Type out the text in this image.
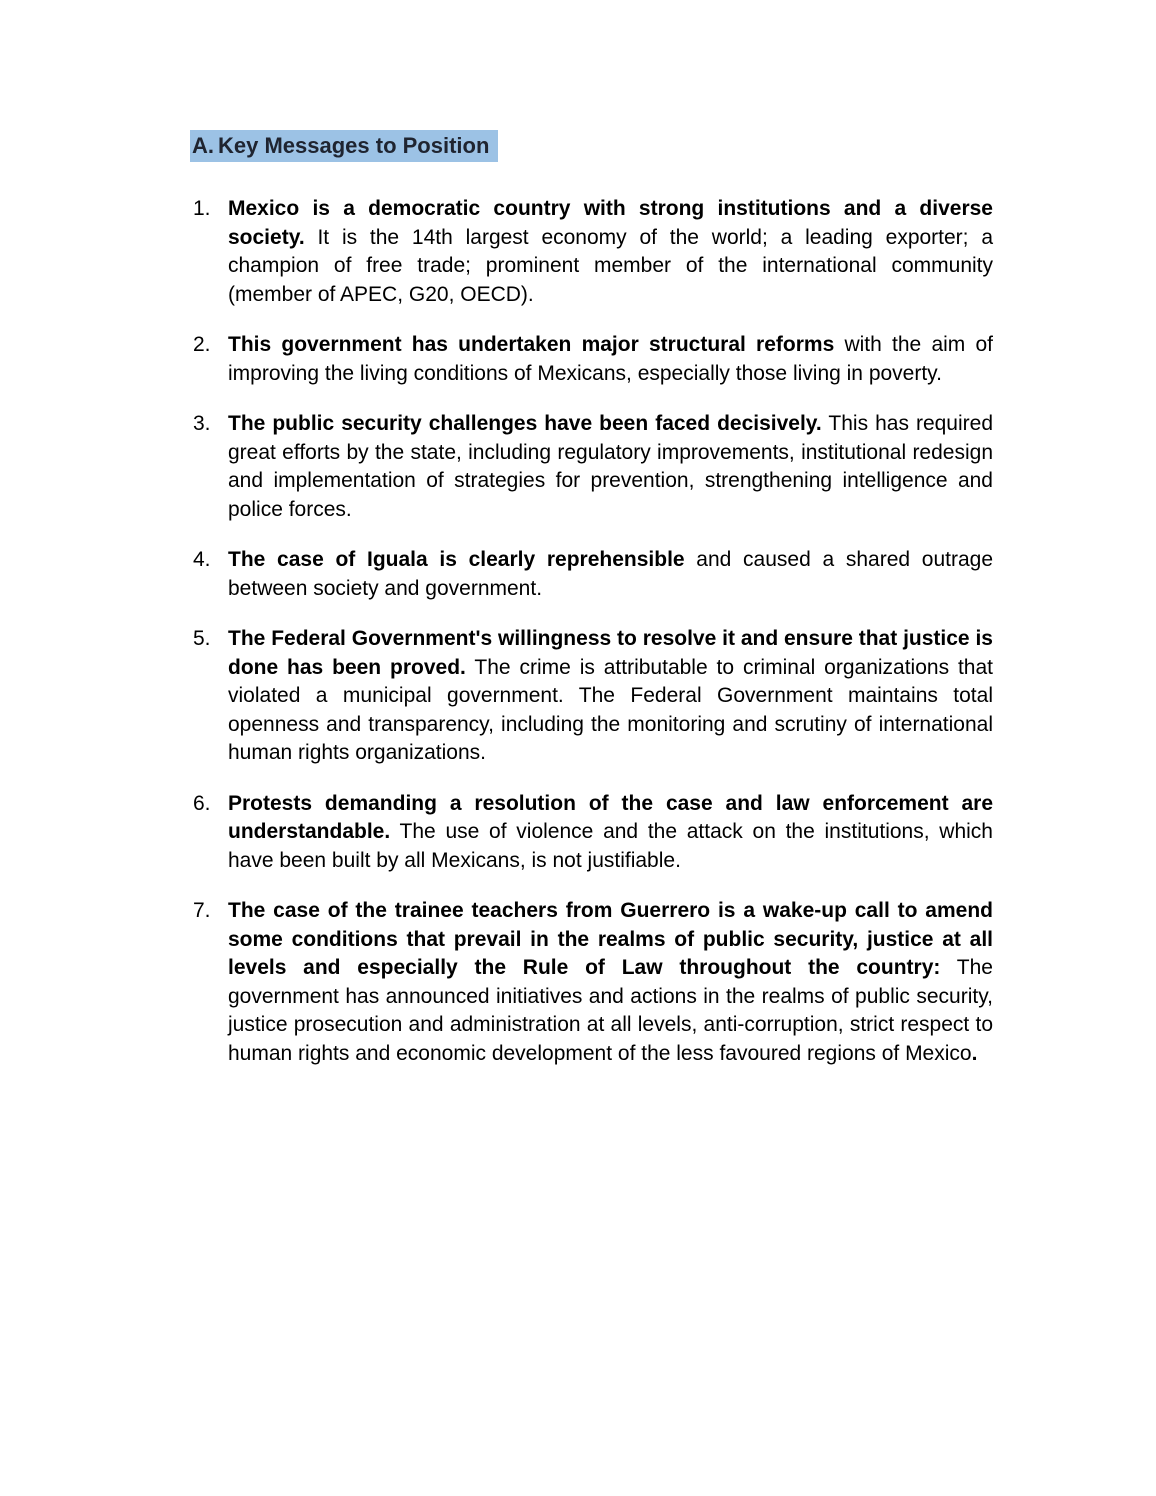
A. Key Messages to Position
1. Mexico is a democratic country with strong institutions and a diverse society. It is the 14th largest economy of the world; a leading exporter; a champion of free trade; prominent member of the international community (member of APEC, G20, OECD).
2. This government has undertaken major structural reforms with the aim of improving the living conditions of Mexicans, especially those living in poverty.
3. The public security challenges have been faced decisively. This has required great efforts by the state, including regulatory improvements, institutional redesign and implementation of strategies for prevention, strengthening intelligence and police forces.
4. The case of Iguala is clearly reprehensible and caused a shared outrage between society and government.
5. The Federal Government's willingness to resolve it and ensure that justice is done has been proved. The crime is attributable to criminal organizations that violated a municipal government. The Federal Government maintains total openness and transparency, including the monitoring and scrutiny of international human rights organizations.
6. Protests demanding a resolution of the case and law enforcement are understandable. The use of violence and the attack on the institutions, which have been built by all Mexicans, is not justifiable.
7. The case of the trainee teachers from Guerrero is a wake-up call to amend some conditions that prevail in the realms of public security, justice at all levels and especially the Rule of Law throughout the country: The government has announced initiatives and actions in the realms of public security, justice prosecution and administration at all levels, anti-corruption, strict respect to human rights and economic development of the less favoured regions of Mexico.
